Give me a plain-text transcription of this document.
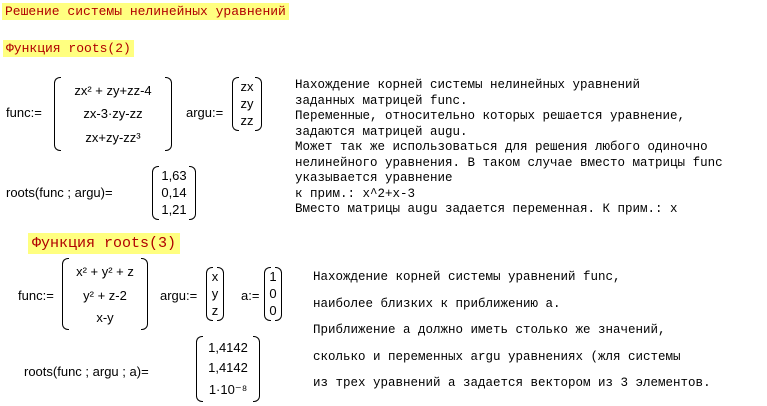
Решение системы нелинейных уравнений
Функция roots(2)
func:=
zx² + zy+zz-4
zx-3·zy-zz
zx+zy-zz³
argu:=
zx
zy
zz
roots(func ; argu)=
1,63
0,14
1,21
Нахождение корней системы нелинейных уравнений
заданных матрицей func.
Переменные, относительно которых решается уравнение,
задаются матрицей augu.
Может так же использоваться для решения любого одиночно
нелинейного уравнения. В таком случае вместо матрицы func
указывается уравнение
к прим.: x^2+x-3
Вместо матрицы augu задается переменная. К прим.: x
Функция roots(3)
func:=
x² + y² + z
y² + z-2
x-y
argu:=
x
y
z
a:=
1
0
0
roots(func ; argu ; a)=
1,4142
1,4142
1·10⁻⁸
Нахождение корней системы уравнений func,
наиболее близких к приближению a.
Приближение a должно иметь столько же значений,
сколько и переменных argu уравнениях (жля системы
из трех уравнений a задается вектором из 3 элементов.
